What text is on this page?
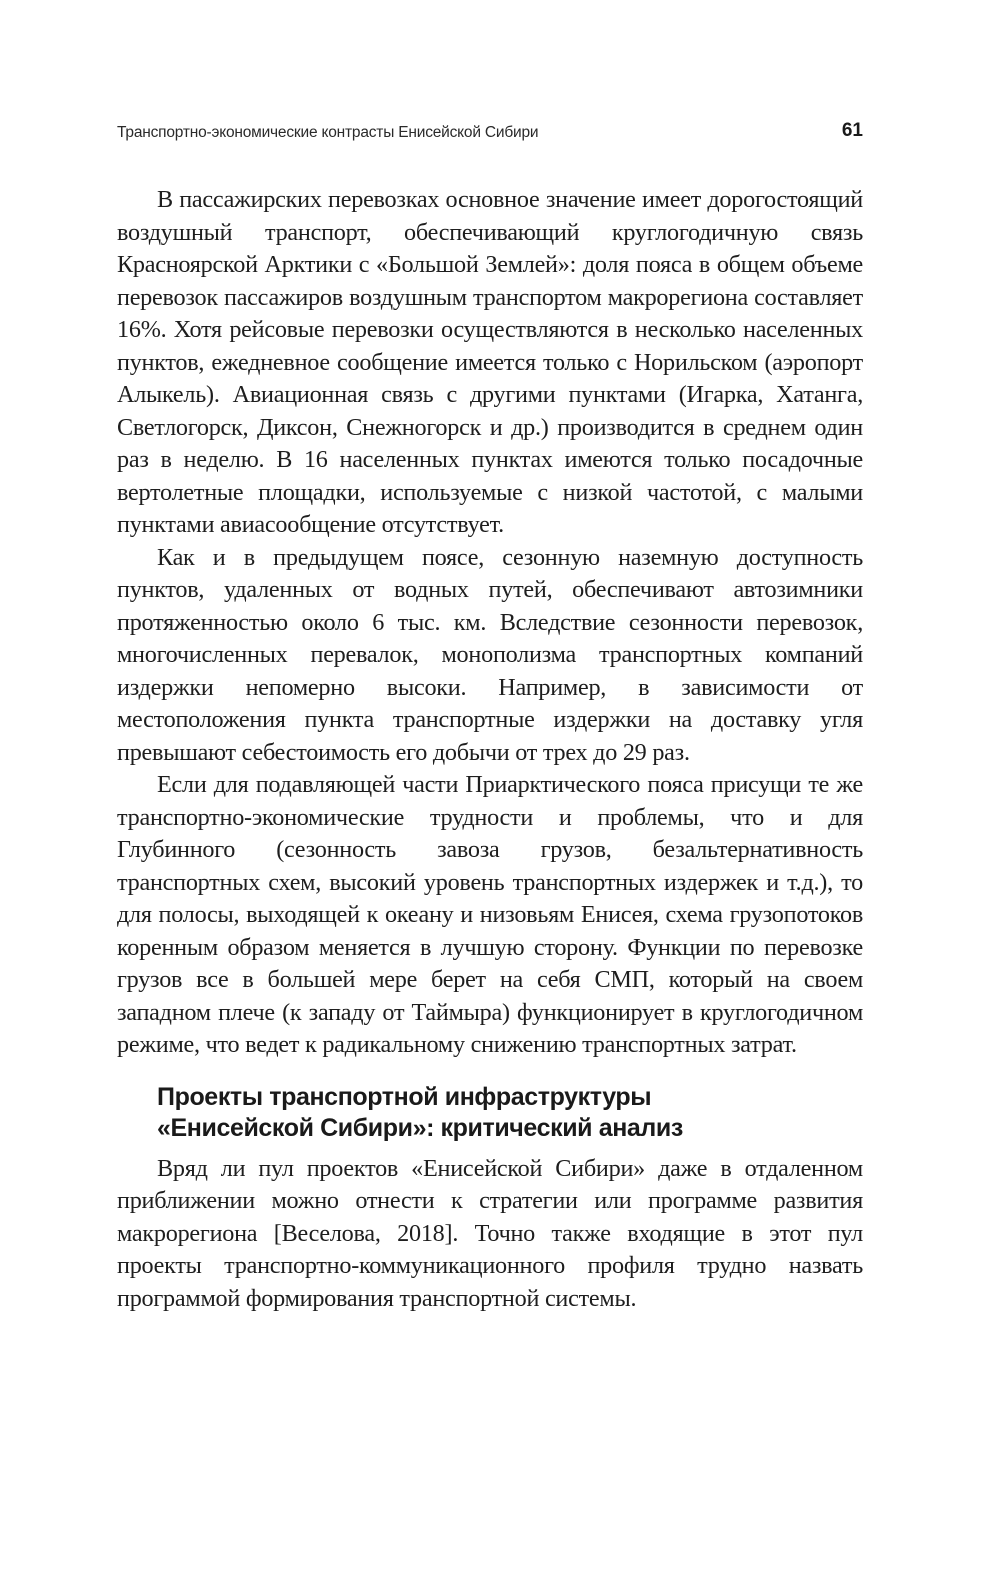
Транспортно-экономические контрасты Енисейской Сибири	61

В пассажирских перевозках основное значение имеет дорогостоящий воздушный транспорт, обеспечивающий круглогодичную связь Красноярской Арктики с «Большой Землей»: доля пояса в общем объеме перевозок пассажиров воздушным транспортом макрорегиона составляет 16%. Хотя рейсовые перевозки осуществляются в несколько населенных пунктов, ежедневное сообщение имеется только с Норильском (аэропорт Алыкель). Авиационная связь с другими пунктами (Игарка, Хатанга, Светлогорск, Диксон, Снежногорск и др.) производится в среднем один раз в неделю. В 16 населенных пунктах имеются только посадочные вертолетные площадки, используемые с низкой частотой, с малыми пунктами авиасообщение отсутствует.

Как и в предыдущем поясе, сезонную наземную доступность пунктов, удаленных от водных путей, обеспечивают автозимники протяженностью около 6 тыс. км. Вследствие сезонности перевозок, многочисленных перевалок, монополизма транспортных компаний издержки непомерно высоки. Например, в зависимости от местоположения пункта транспортные издержки на доставку угля превышают себестоимость его добычи от трех до 29 раз.

Если для подавляющей части Приарктического пояса присущи те же транспортно-экономические трудности и проблемы, что и для Глубинного (сезонность завоза грузов, безальтернативность транспортных схем, высокий уровень транспортных издержек и т.д.), то для полосы, выходящей к океану и низовьям Енисея, схема грузопотоков коренным образом меняется в лучшую сторону. Функции по перевозке грузов все в большей мере берет на себя СМП, который на своем западном плече (к западу от Таймыра) функционирует в круглогодичном режиме, что ведет к радикальному снижению транспортных затрат.

Проекты транспортной инфраструктуры
«Енисейской Сибири»: критический анализ

Вряд ли пул проектов «Енисейской Сибири» даже в отдаленном приближении можно отнести к стратегии или программе развития макрорегиона [Веселова, 2018]. Точно также входящие в этот пул проекты транспортно-коммуникационного профиля трудно назвать программой формирования транспортной системы.
